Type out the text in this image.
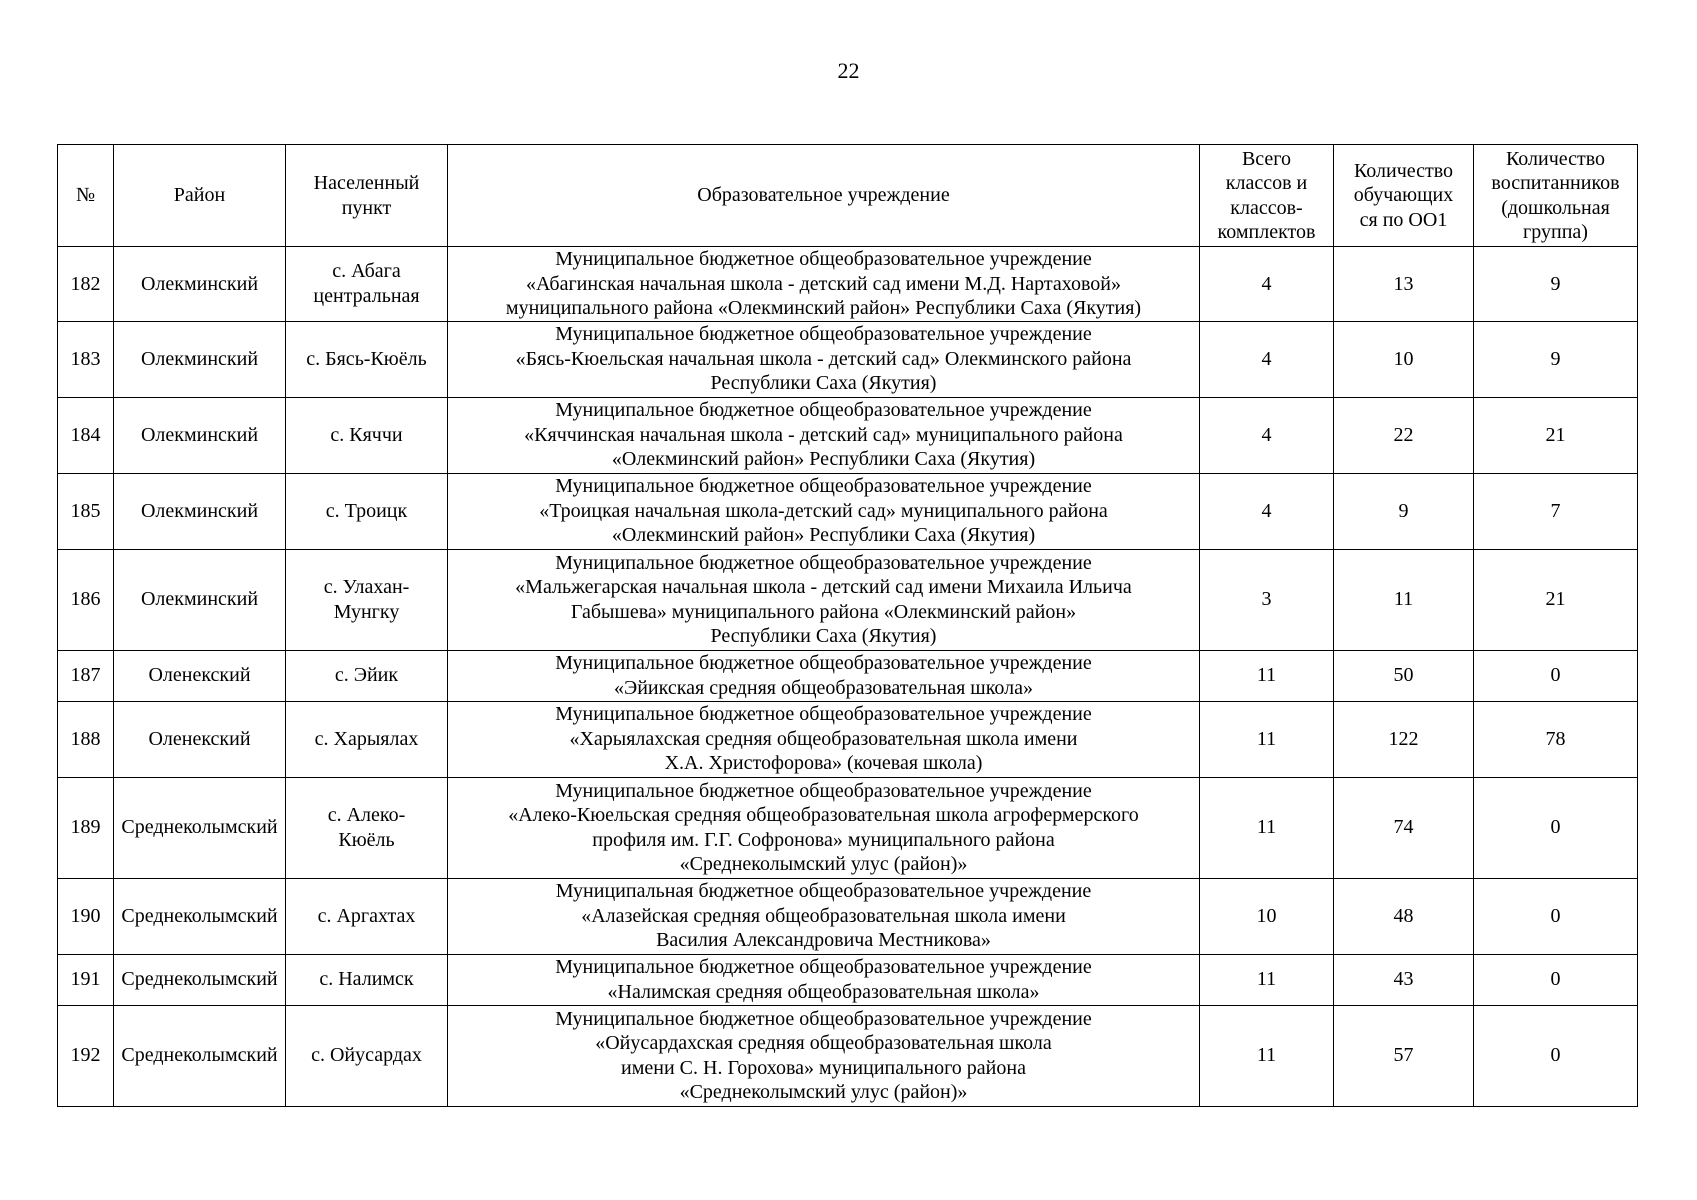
22
№	Район	Населенный
пункт	Образовательное учреждение	Всего
классов и
классов-
комплектов	Количество
обучающих
ся по ОО1	Количество
воспитанников
(дошкольная
группа)

182	Олекминский	с. Абага
центральная	Муниципальное бюджетное общеобразовательное учреждение
«Абагинская начальная школа - детский сад имени М.Д. Нартаховой»
муниципального района «Олекминский район» Республики Саха (Якутия)	4	13	9

183	Олекминский	с. Бясь-Кюёль	Муниципальное бюджетное общеобразовательное учреждение
«Бясь-Кюельская начальная школа - детский сад» Олекминского района
Республики Саха (Якутия)	4	10	9

184	Олекминский	с. Кяччи	Муниципальное бюджетное общеобразовательное учреждение
«Кяччинская начальная школа - детский сад» муниципального района
«Олекминский район» Республики Саха (Якутия)	4	22	21

185	Олекминский	с. Троицк	Муниципальное бюджетное общеобразовательное учреждение
«Троицкая начальная школа-детский сад» муниципального района
«Олекминский район» Республики Саха (Якутия)	4	9	7

186	Олекминский	с. Улахан-
Мунгку	Муниципальное бюджетное общеобразовательное учреждение
«Мальжегарская начальная школа - детский сад имени Михаила Ильича
Габышева» муниципального района «Олекминский район»
Республики Саха (Якутия)	3	11	21

187	Оленекский	с. Эйик	Муниципальное бюджетное общеобразовательное учреждение
«Эйикская средняя общеобразовательная школа»	11	50	0

188	Оленекский	с. Харыялах	Муниципальное бюджетное общеобразовательное учреждение
«Харыялахская средняя общеобразовательная школа имени
Х.А. Христофорова» (кочевая школа)	11	122	78

189	Среднеколымский	с. Алеко-
Кюёль	Муниципальное бюджетное общеобразовательное учреждение
«Алеко-Кюельская средняя общеобразовательная школа агрофермерского
профиля им. Г.Г. Софронова» муниципального района
«Среднеколымский улус (район)»	11	74	0

190	Среднеколымский	с. Аргахтах	Муниципальная бюджетное общеобразовательное учреждение
«Алазейская средняя общеобразовательная школа имени
Василия Александровича Местникова»	10	48	0

191	Среднеколымский	с. Налимск	Муниципальное бюджетное общеобразовательное учреждение
«Налимская средняя общеобразовательная школа»	11	43	0

192	Среднеколымский	с. Ойусардах	Муниципальное бюджетное общеобразовательное учреждение
«Ойусардахская средняя общеобразовательная школа
имени С. Н. Горохова» муниципального района
«Среднеколымский улус (район)»	11	57	0
